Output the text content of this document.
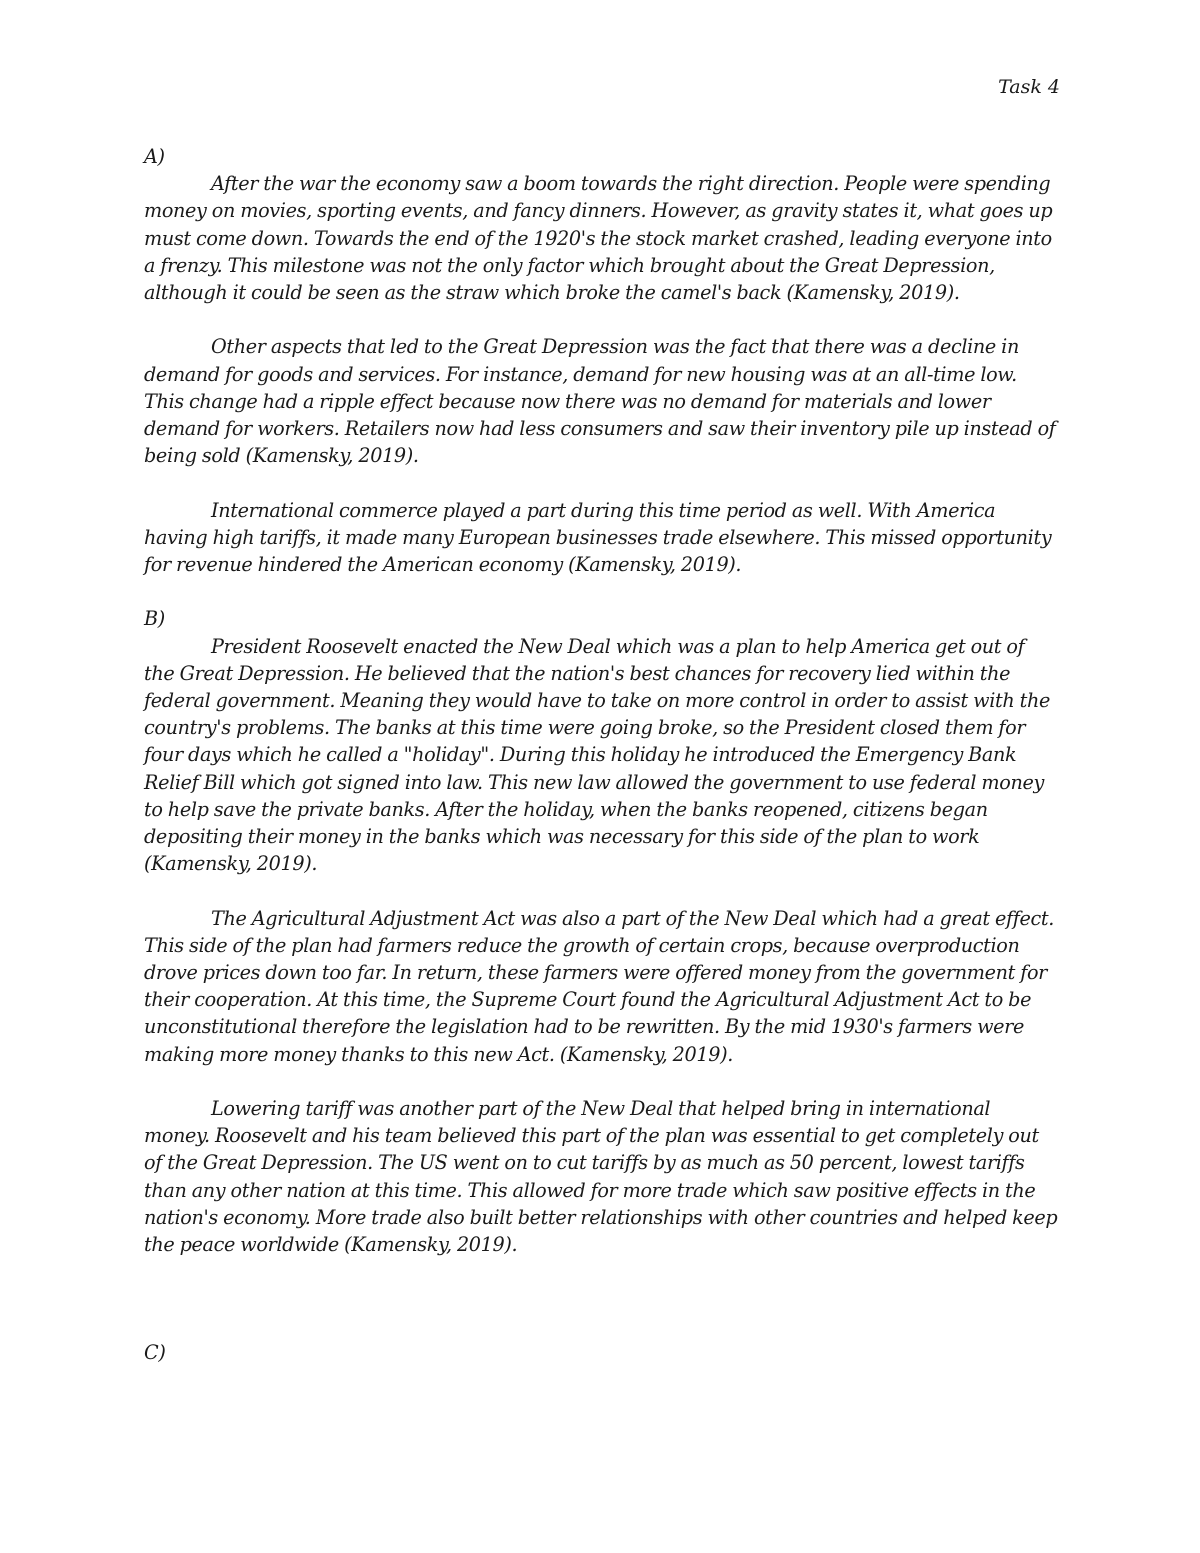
Task 4

A)

After the war the economy saw a boom towards the right direction. People were spending money on movies, sporting events, and fancy dinners. However, as gravity states it, what goes up must come down. Towards the end of the 1920's the stock market crashed, leading everyone into a frenzy. This milestone was not the only factor which brought about the Great Depression, although it could be seen as the straw which broke the camel's back (Kamensky, 2019).

Other aspects that led to the Great Depression was the fact that there was a decline in demand for goods and services. For instance, demand for new housing was at an all-time low. This change had a ripple effect because now there was no demand for materials and lower demand for workers. Retailers now had less consumers and saw their inventory pile up instead of being sold (Kamensky, 2019).

International commerce played a part during this time period as well. With America having high tariffs, it made many European businesses trade elsewhere. This missed opportunity for revenue hindered the American economy (Kamensky, 2019).

B)

President Roosevelt enacted the New Deal which was a plan to help America get out of the Great Depression. He believed that the nation's best chances for recovery lied within the federal government. Meaning they would have to take on more control in order to assist with the country's problems. The banks at this time were going broke, so the President closed them for four days which he called a "holiday". During this holiday he introduced the Emergency Bank Relief Bill which got signed into law. This new law allowed the government to use federal money to help save the private banks. After the holiday, when the banks reopened, citizens began depositing their money in the banks which was necessary for this side of the plan to work (Kamensky, 2019).

The Agricultural Adjustment Act was also a part of the New Deal which had a great effect. This side of the plan had farmers reduce the growth of certain crops, because overproduction drove prices down too far. In return, these farmers were offered money from the government for their cooperation. At this time, the Supreme Court found the Agricultural Adjustment Act to be unconstitutional therefore the legislation had to be rewritten. By the mid 1930's farmers were making more money thanks to this new Act. (Kamensky, 2019).

Lowering tariff was another part of the New Deal that helped bring in international money. Roosevelt and his team believed this part of the plan was essential to get completely out of the Great Depression. The US went on to cut tariffs by as much as 50 percent, lowest tariffs than any other nation at this time. This allowed for more trade which saw positive effects in the nation's economy. More trade also built better relationships with other countries and helped keep the peace worldwide (Kamensky, 2019).

C)
